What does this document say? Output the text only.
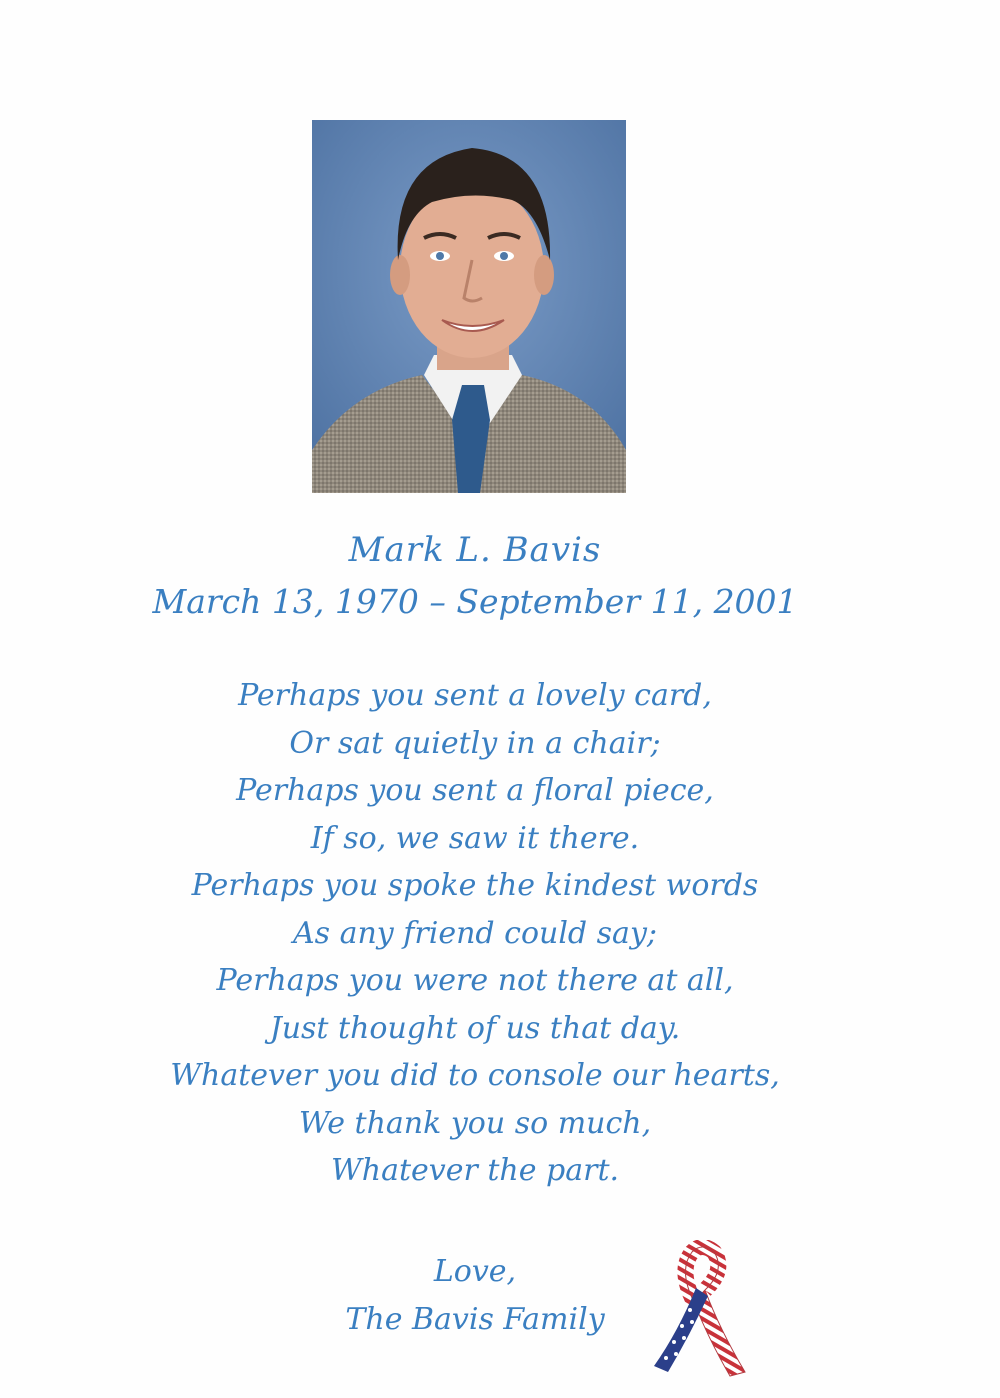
Mark L. Bavis
March 13, 1970 – September 11, 2001
Perhaps you sent a lovely card,
Or sat quietly in a chair;
Perhaps you sent a floral piece,
If so, we saw it there.
Perhaps you spoke the kindest words
As any friend could say;
Perhaps you were not there at all,
Just thought of us that day.
Whatever you did to console our hearts,
We thank you so much,
Whatever the part.
Love,
The Bavis Family
